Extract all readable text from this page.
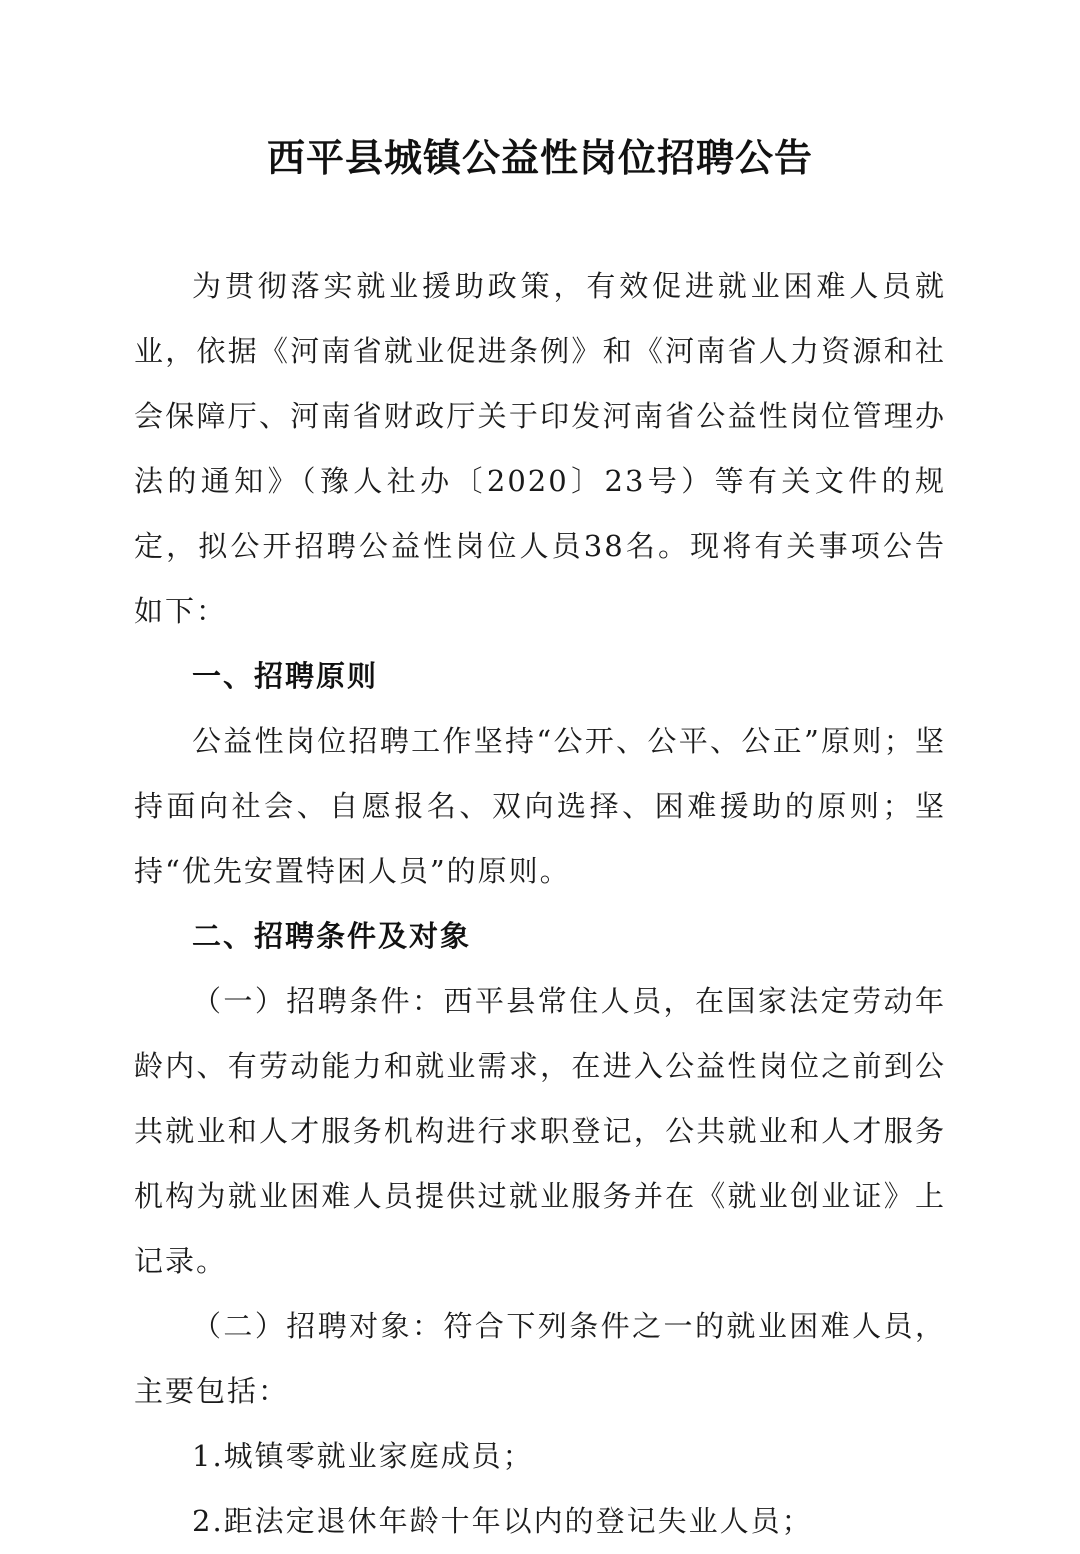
西平县城镇公益性岗位招聘公告

为贯彻落实就业援助政策，有效促进就业困难人员就业，依据《河南省就业促进条例》和《河南省人力资源和社会保障厅、河南省财政厅关于印发河南省公益性岗位管理办法的通知》（豫人社办〔2020〕23号）等有关文件的规定，拟公开招聘公益性岗位人员38名。现将有关事项公告如下：

一、招聘原则

公益性岗位招聘工作坚持“公开、公平、公正”原则；坚持面向社会、自愿报名、双向选择、困难援助的原则；坚持“优先安置特困人员”的原则。

二、招聘条件及对象

（一）招聘条件：西平县常住人员，在国家法定劳动年龄内、有劳动能力和就业需求，在进入公益性岗位之前到公共就业和人才服务机构进行求职登记，公共就业和人才服务机构为就业困难人员提供过就业服务并在《就业创业证》上记录。

（二）招聘对象：符合下列条件之一的就业困难人员，主要包括：

1.城镇零就业家庭成员；

2.距法定退休年龄十年以内的登记失业人员；
